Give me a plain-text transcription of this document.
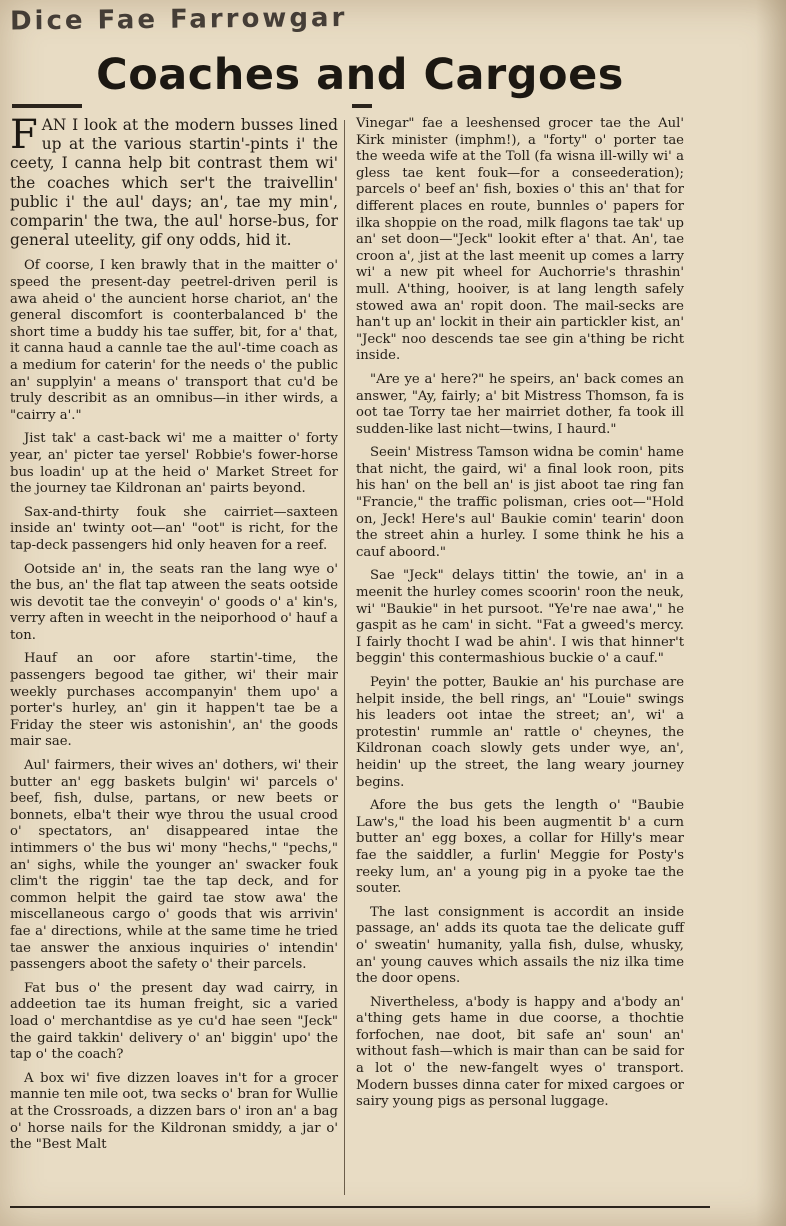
Dice Fae Farrowgar
Coaches and Cargoes

FAN I look at the modern busses lined up at the various startin'-pints i' the ceety, I canna help bit contrast them wi' the coaches which ser't the traivellin' public i' the aul' days; an', tae my min', comparin' the twa, the aul' horse-bus, for general uteelity, gif ony odds, hid it.

Of coorse, I ken brawly that in the maitter o' speed the present-day peetrel-driven peril is awa aheid o' the auncient horse chariot, an' the general discomfort is coonterbalanced b' the short time a buddy his tae suffer, bit, for a' that, it canna haud a cannle tae the aul'-time coach as a medium for caterin' for the needs o' the public an' supplyin' a means o' transport that cu'd be truly describit as an omnibus—in ither wirds, a "cairry a'."

Jist tak' a cast-back wi' me a maitter o' forty year, an' picter tae yersel' Robbie's fower-horse bus loadin' up at the heid o' Market Street for the journey tae Kildronan an' pairts beyond.

Sax-and-thirty fouk she cairriet—saxteen inside an' twinty oot—an' "oot" is richt, for the tap-deck passengers hid only heaven for a reef.

Ootside an' in, the seats ran the lang wye o' the bus, an' the flat tap atween the seats ootside wis devotit tae the conveyin' o' goods o' a' kin's, verry aften in weecht in the neiporhood o' hauf a ton.

Hauf an oor afore startin'-time, the passengers begood tae gither, wi' their mair weekly purchases accompanyin' them upo' a porter's hurley, an' gin it happen't tae be a Friday the steer wis astonishin', an' the goods mair sae.

Aul' fairmers, their wives an' dothers, wi' their butter an' egg baskets bulgin' wi' parcels o' beef, fish, dulse, partans, or new beets or bonnets, elba't their wye throu the usual crood o' spectators, an' disappeared intae the intimmers o' the bus wi' mony "hechs," "pechs," an' sighs, while the younger an' swacker fouk clim't the riggin' tae the tap deck, and for common helpit the gaird tae stow awa' the miscellaneous cargo o' goods that wis arrivin' fae a' directions, while at the same time he tried tae answer the anxious inquiries o' intendin' passengers aboot the safety o' their parcels.

Fat bus o' the present day wad cairry, in addeetion tae its human freight, sic a varied load o' merchantdise as ye cu'd hae seen "Jeck" the gaird takkin' delivery o' an' biggin' upo' the tap o' the coach?

A box wi' five dizzen loaves in't for a grocer mannie ten mile oot, twa secks o' bran for Wullie at the Crossroads, a dizzen bars o' iron an' a bag o' horse nails for the Kildronan smiddy, a jar o' the "Best Malt

Vinegar" fae a leeshensed grocer tae the Aul' Kirk minister (imphm!), a "forty" o' porter tae the weeda wife at the Toll (fa wisna ill-willy wi' a gless tae kent fouk—for a conseederation); parcels o' beef an' fish, boxies o' this an' that for different places en route, bunnles o' papers for ilka shoppie on the road, milk flagons tae tak' up an' set doon—"Jeck" lookit efter a' that. An', tae croon a', jist at the last meenit up comes a larry wi' a new pit wheel for Auchorrie's thrashin' mull. A'thing, hooiver, is at lang length safely stowed awa an' ropit doon. The mail-secks are han't up an' lockit in their ain partickler kist, an' "Jeck" noo descends tae see gin a'thing be richt inside.

"Are ye a' here?" he speirs, an' back comes an answer, "Ay, fairly; a' bit Mistress Thomson, fa is oot tae Torry tae her mairriet dother, fa took ill sudden-like last nicht—twins, I haurd."

Seein' Mistress Tamson widna be comin' hame that nicht, the gaird, wi' a final look roon, pits his han' on the bell an' is jist aboot tae ring fan "Francie," the traffic polisman, cries oot—"Hold on, Jeck! Here's aul' Baukie comin' tearin' doon the street ahin a hurley. I some think he his a cauf aboord."

Sae "Jeck" delays tittin' the towie, an' in a meenit the hurley comes scoorin' roon the neuk, wi' "Baukie" in het pursoot. "Ye're nae awa'," he gaspit as he cam' in sicht. "Fat a gweed's mercy. I fairly thocht I wad be ahin'. I wis that hinner't beggin' this contermashious buckie o' a cauf."

Peyin' the potter, Baukie an' his purchase are helpit inside, the bell rings, an' "Louie" swings his leaders oot intae the street; an', wi' a protestin' rummle an' rattle o' cheynes, the Kildronan coach slowly gets under wye, an', heidin' up the street, the lang weary journey begins.

Afore the bus gets the length o' "Baubie Law's," the load his been augmentit b' a curn butter an' egg boxes, a collar for Hilly's mear fae the saiddler, a furlin' Meggie for Posty's reeky lum, an' a young pig in a pyoke tae the souter.

The last consignment is accordit an inside passage, an' adds its quota tae the delicate guff o' sweatin' humanity, yalla fish, dulse, whusky, an' young cauves which assails the niz ilka time the door opens.

Nivertheless, a'body is happy and a'body an' a'thing gets hame in due coorse, a thochtie forfochen, nae doot, bit safe an' soun' an' without fash—which is mair than can be said for a lot o' the new-fangelt wyes o' transport. Modern busses dinna cater for mixed cargoes or sairy young pigs as personal luggage.
